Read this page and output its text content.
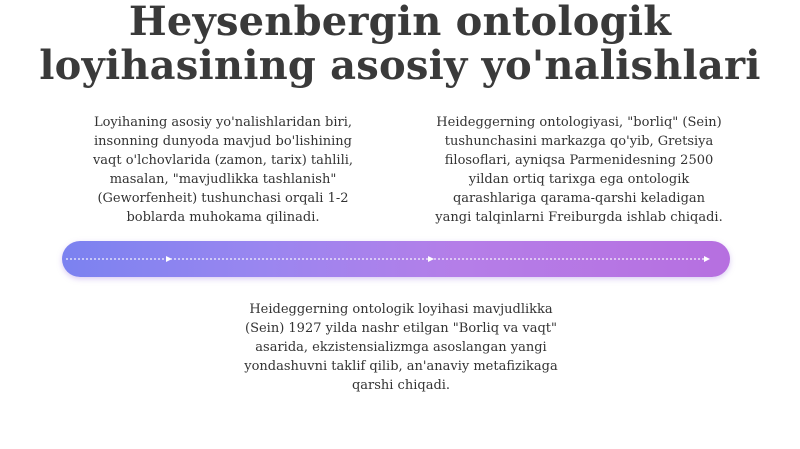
Heysenbergin ontologik
loyihasining asosiy yo'nalishlari
Loyihaning asosiy yo'nalishlaridan biri,
insonning dunyoda mavjud bo'lishining
vaqt o'lchovlarida (zamon, tarix) tahlili,
masalan, "mavjudlikka tashlanish"
(Geworfenheit) tushunchasi orqali 1-2
boblarda muhokama qilinadi.
Heideggerning ontologiyasi, "borliq" (Sein)
tushunchasini markazga qo'yib, Gretsiya
filosoflari, ayniqsa Parmenidesning 2500
yildan ortiq tarixga ega ontologik
qarashlariga qarama-qarshi keladigan
yangi talqinlarni Freiburgda ishlab chiqadi.
Heideggerning ontologik loyihasi mavjudlikka
(Sein) 1927 yilda nashr etilgan "Borliq va vaqt"
asarida, ekzistensializmga asoslangan yangi
yondashuvni taklif qilib, an'anaviy metafizikaga
qarshi chiqadi.
